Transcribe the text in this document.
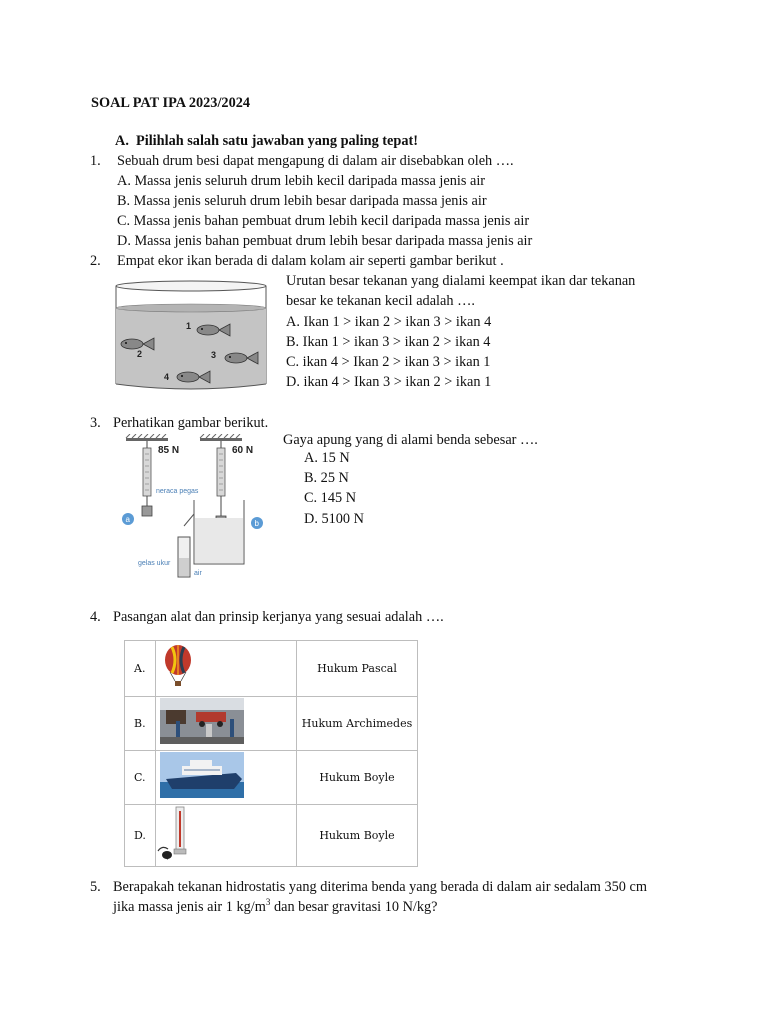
SOAL PAT IPA 2023/2024
A. Pilihlah salah satu jawaban yang paling tepat!
1. Sebuah drum besi dapat mengapung di dalam air disebabkan oleh ….
A. Massa jenis seluruh drum lebih kecil daripada massa jenis air
B. Massa jenis seluruh drum lebih besar daripada massa jenis air
C. Massa jenis bahan pembuat drum lebih kecil daripada massa jenis air
D. Massa jenis bahan pembuat drum lebih besar daripada massa jenis air
2. Empat ekor ikan berada di dalam kolam air seperti gambar berikut .
1
2	3
4
Urutan besar tekanan yang dialami keempat ikan dar tekanan
besar ke tekanan kecil adalah ….
A. Ikan 1 > ikan 2 > ikan 3 > ikan 4
B. Ikan 1 > ikan 3 > ikan 2 > ikan 4
C. ikan 4 > Ikan 2 > ikan 3 > ikan 1
D. ikan 4 > Ikan 3 > ikan 2 > ikan 1
3. Perhatikan gambar berikut.
85 N	60 N
neraca pegas
gelas ukur
air
a	b
Gaya apung yang di alami benda sebesar ….
A. 15 N
B. 25 N
C. 145 N
D. 5100 N
4. Pasangan alat dan prinsip kerjanya yang sesuai adalah ….
A.		Hukum Pascal
B.		Hukum Archimedes
C.		Hukum Boyle
D.		Hukum Boyle
5. Berapakah tekanan hidrostatis yang diterima benda yang berada di dalam air sedalam 350 cm
jika massa jenis air 1 $kg/m^3$ dan besar gravitasi 10 N/kg?
